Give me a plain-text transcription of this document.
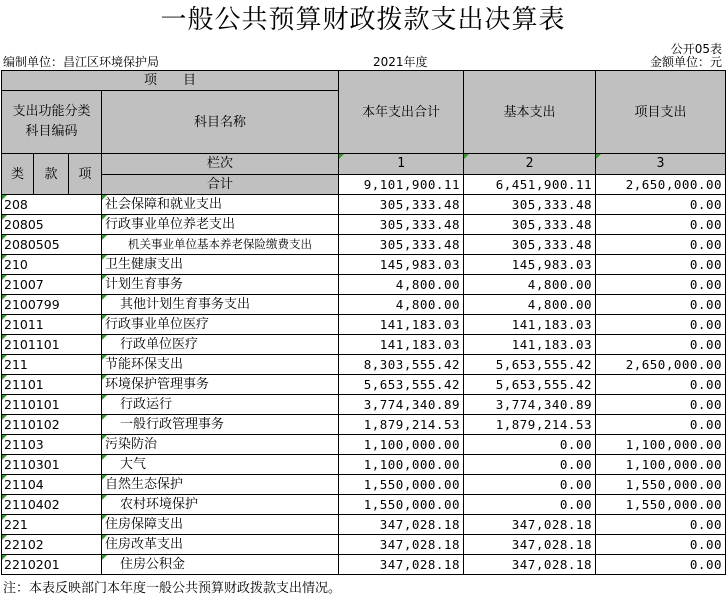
一般公共预算财政拨款支出决算表
公开05表
编制单位：昌江区环境保护局	2021年度	金额单位：元
项　　目				本年支出合计	基本支出	项目支出
支出功能分类
科目编码			科目名称			

类	款	项	栏次	1	2	3
			合计	9,101,900.11	6,451,900.11	2,650,000.00
208			社会保障和就业支出	305,333.48	305,333.48	0.00
20805			行政事业单位养老支出	305,333.48	305,333.48	0.00
2080505			机关事业单位基本养老保险缴费支出	305,333.48	305,333.48	0.00
210			卫生健康支出	145,983.03	145,983.03	0.00
21007			计划生育事务	4,800.00	4,800.00	0.00
2100799			其他计划生育事务支出	4,800.00	4,800.00	0.00
21011			行政事业单位医疗	141,183.03	141,183.03	0.00
2101101			行政单位医疗	141,183.03	141,183.03	0.00
211			节能环保支出	8,303,555.42	5,653,555.42	2,650,000.00
21101			环境保护管理事务	5,653,555.42	5,653,555.42	0.00
2110101			行政运行	3,774,340.89	3,774,340.89	0.00
2110102			一般行政管理事务	1,879,214.53	1,879,214.53	0.00
21103			污染防治	1,100,000.00	0.00	1,100,000.00
2110301			大气	1,100,000.00	0.00	1,100,000.00
21104			自然生态保护	1,550,000.00	0.00	1,550,000.00
2110402			农村环境保护	1,550,000.00	0.00	1,550,000.00
221			住房保障支出	347,028.18	347,028.18	0.00
22102			住房改革支出	347,028.18	347,028.18	0.00
2210201			住房公积金	347,028.18	347,028.18	0.00
注：本表反映部门本年度一般公共预算财政拨款支出情况。
